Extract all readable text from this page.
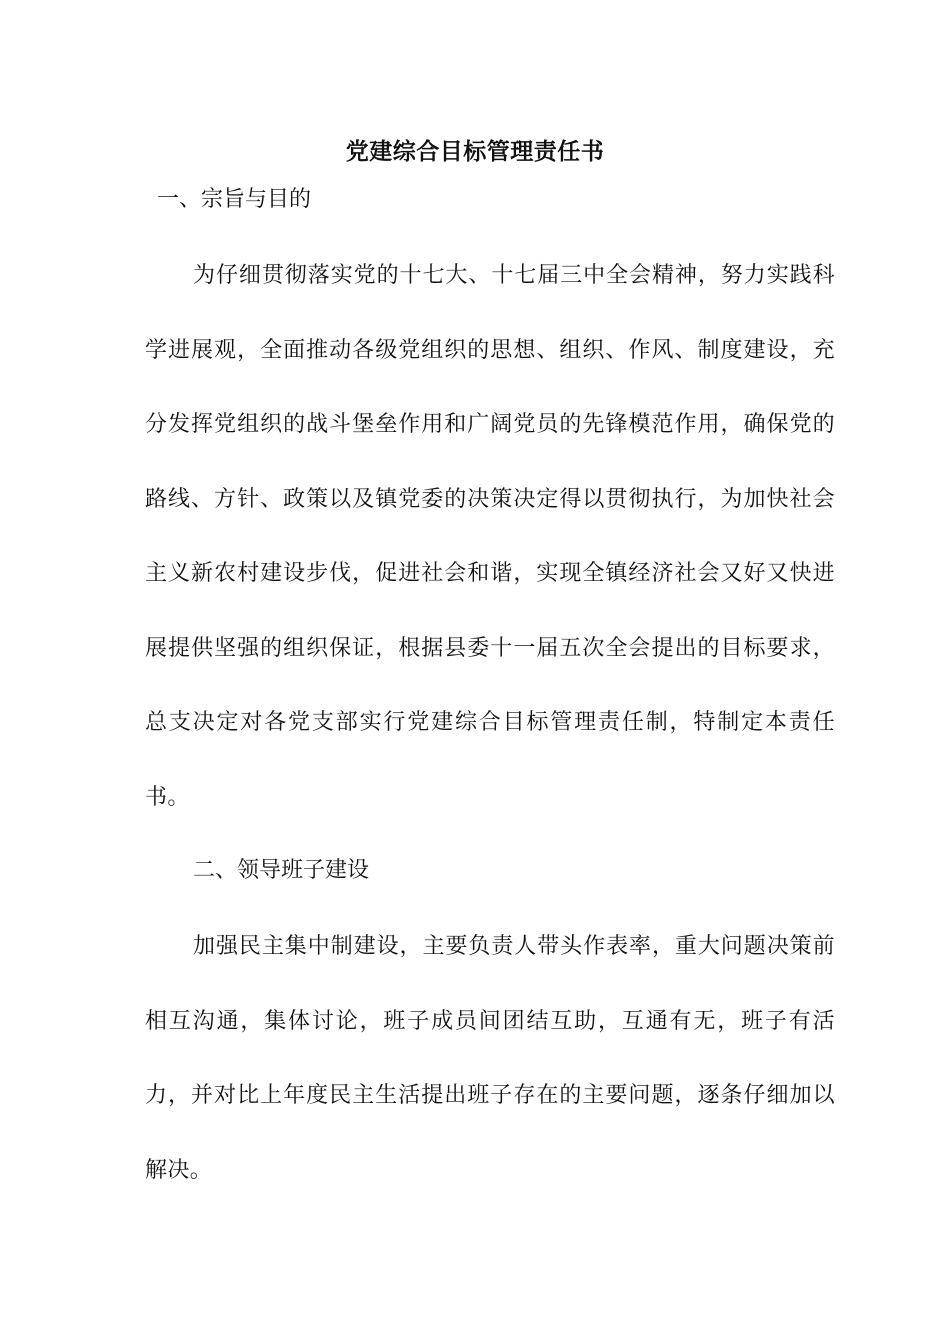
党建综合目标管理责任书
一、宗旨与目的

为仔细贯彻落实党的十七大、十七届三中全会精神，努力实践科学进展观，全面推动各级党组织的思想、组织、作风、制度建设，充分发挥党组织的战斗堡垒作用和广阔党员的先锋模范作用，确保党的路线、方针、政策以及镇党委的决策决定得以贯彻执行，为加快社会主义新农村建设步伐，促进社会和谐，实现全镇经济社会又好又快进展提供坚强的组织保证，根据县委十一届五次全会提出的目标要求，总支决定对各党支部实行党建综合目标管理责任制，特制定本责任书。

二、领导班子建设

加强民主集中制建设，主要负责人带头作表率，重大问题决策前相互沟通，集体讨论，班子成员间团结互助，互通有无，班子有活力，并对比上年度民主生活提出班子存在的主要问题，逐条仔细加以解决。
